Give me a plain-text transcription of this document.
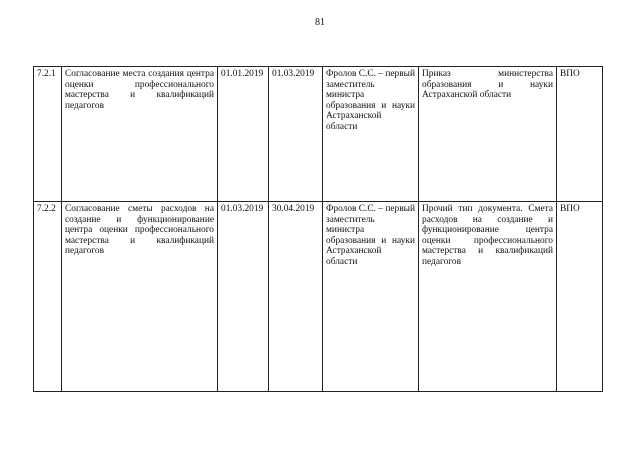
81
7.2.1	Согласование места создания центра оценки профессионального мастерства и квалификаций педагогов	01.01.2019	01.03.2019	Фролов С.С. – первый заместитель министра образования и науки Астраханской области	Приказ министерства образования и науки Астраханской области	ВПО
7.2.2	Согласование сметы расходов на создание и функционирование центра оценки профессионального мастерства и квалификаций педагогов	01.03.2019	30.04.2019	Фролов С.С. – первый заместитель министра образования и науки Астраханской области	Прочий тип документа. Смета расходов на создание и функционирование центра оценки профессионального мастерства и квалификаций педагогов	ВПО
